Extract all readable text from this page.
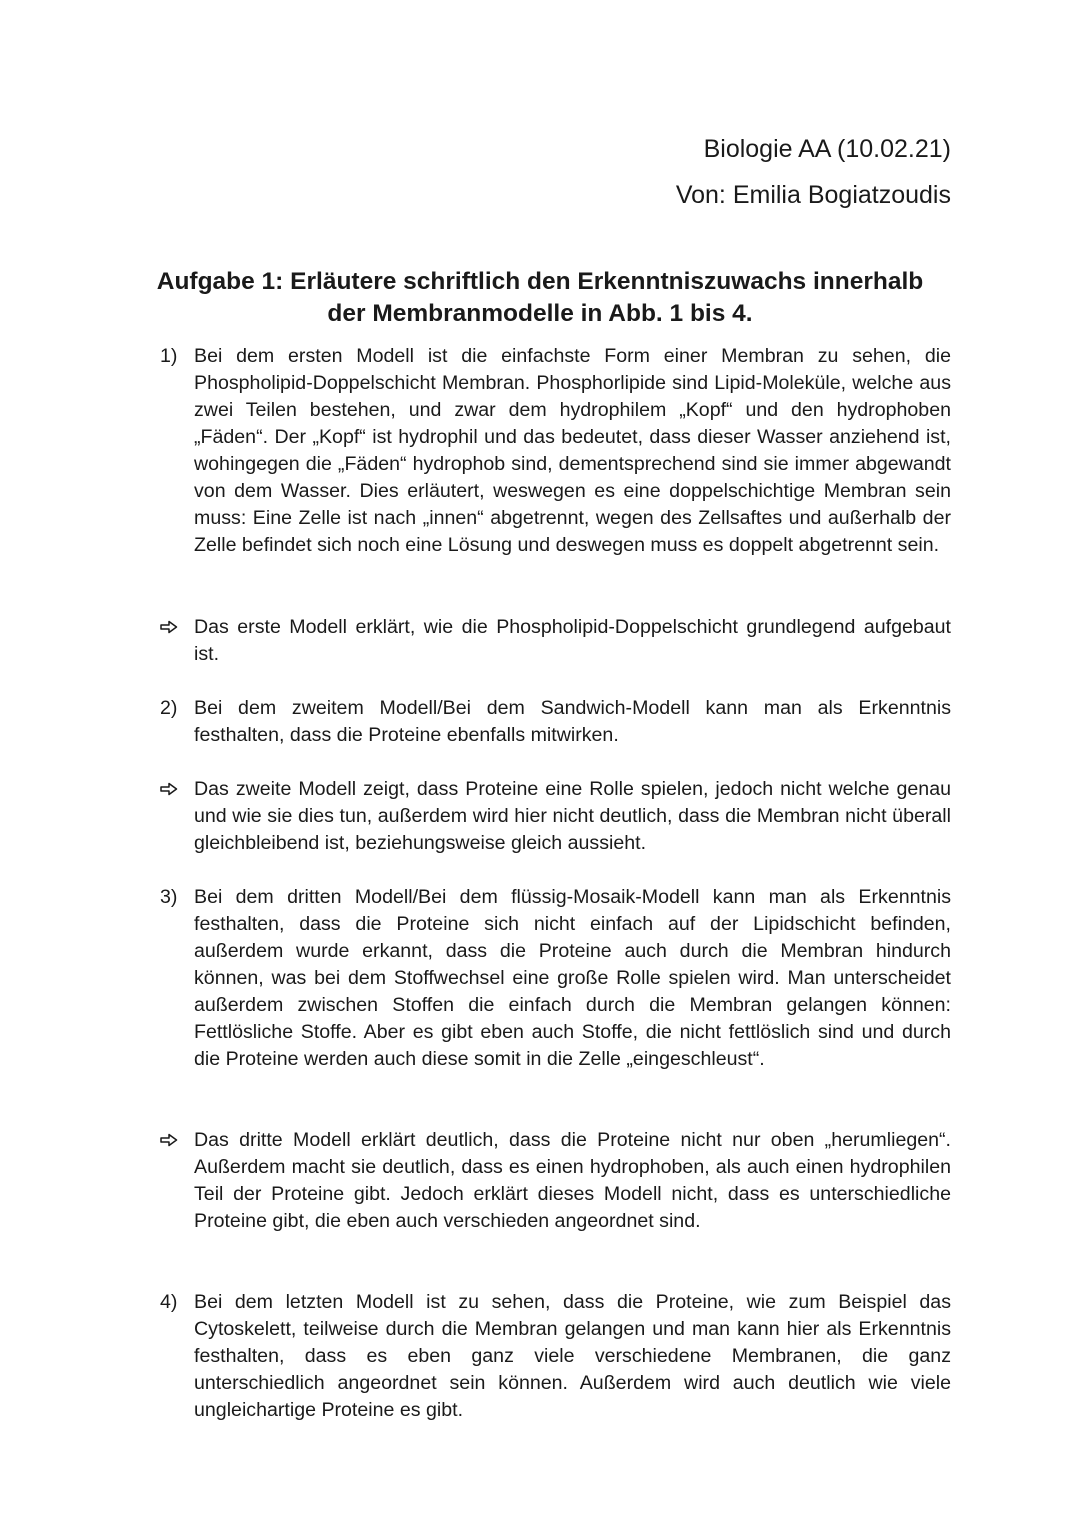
Biologie AA (10.02.21)
Von: Emilia Bogiatzoudis
Aufgabe 1: Erläutere schriftlich den Erkenntniszuwachs innerhalb
der Membranmodelle in Abb. 1 bis 4.
1) Bei dem ersten Modell ist die einfachste Form einer Membran zu sehen, die Phospholipid-Doppelschicht Membran. Phosphorlipide sind Lipid-Moleküle, welche aus zwei Teilen bestehen, und zwar dem hydrophilem „Kopf“ und den hydrophoben „Fäden“. Der „Kopf“ ist hydrophil und das bedeutet, dass dieser Wasser anziehend ist, wohingegen die „Fäden“ hydrophob sind, dementsprechend sind sie immer abgewandt von dem Wasser. Dies erläutert, weswegen es eine doppelschichtige Membran sein muss: Eine Zelle ist nach „innen“ abgetrennt, wegen des Zellsaftes und außerhalb der Zelle befindet sich noch eine Lösung und deswegen muss es doppelt abgetrennt sein.
Das erste Modell erklärt, wie die Phospholipid-Doppelschicht grundlegend aufgebaut ist.
2) Bei dem zweitem Modell/Bei dem Sandwich-Modell kann man als Erkenntnis festhalten, dass die Proteine ebenfalls mitwirken.
Das zweite Modell zeigt, dass Proteine eine Rolle spielen, jedoch nicht welche genau und wie sie dies tun, außerdem wird hier nicht deutlich, dass die Membran nicht überall gleichbleibend ist, beziehungsweise gleich aussieht.
3) Bei dem dritten Modell/Bei dem flüssig-Mosaik-Modell kann man als Erkenntnis festhalten, dass die Proteine sich nicht einfach auf der Lipidschicht befinden, außerdem wurde erkannt, dass die Proteine auch durch die Membran hindurch können, was bei dem Stoffwechsel eine große Rolle spielen wird. Man unterscheidet außerdem zwischen Stoffen die einfach durch die Membran gelangen können: Fettlösliche Stoffe. Aber es gibt eben auch Stoffe, die nicht fettlöslich sind und durch die Proteine werden auch diese somit in die Zelle „eingeschleust“.
Das dritte Modell erklärt deutlich, dass die Proteine nicht nur oben „herumliegen“. Außerdem macht sie deutlich, dass es einen hydrophoben, als auch einen hydrophilen Teil der Proteine gibt. Jedoch erklärt dieses Modell nicht, dass es unterschiedliche Proteine gibt, die eben auch verschieden angeordnet sind.
4) Bei dem letzten Modell ist zu sehen, dass die Proteine, wie zum Beispiel das Cytoskelett, teilweise durch die Membran gelangen und man kann hier als Erkenntnis festhalten, dass es eben ganz viele verschiedene Membranen, die ganz unterschiedlich angeordnet sein können. Außerdem wird auch deutlich wie viele ungleichartige Proteine es gibt.
